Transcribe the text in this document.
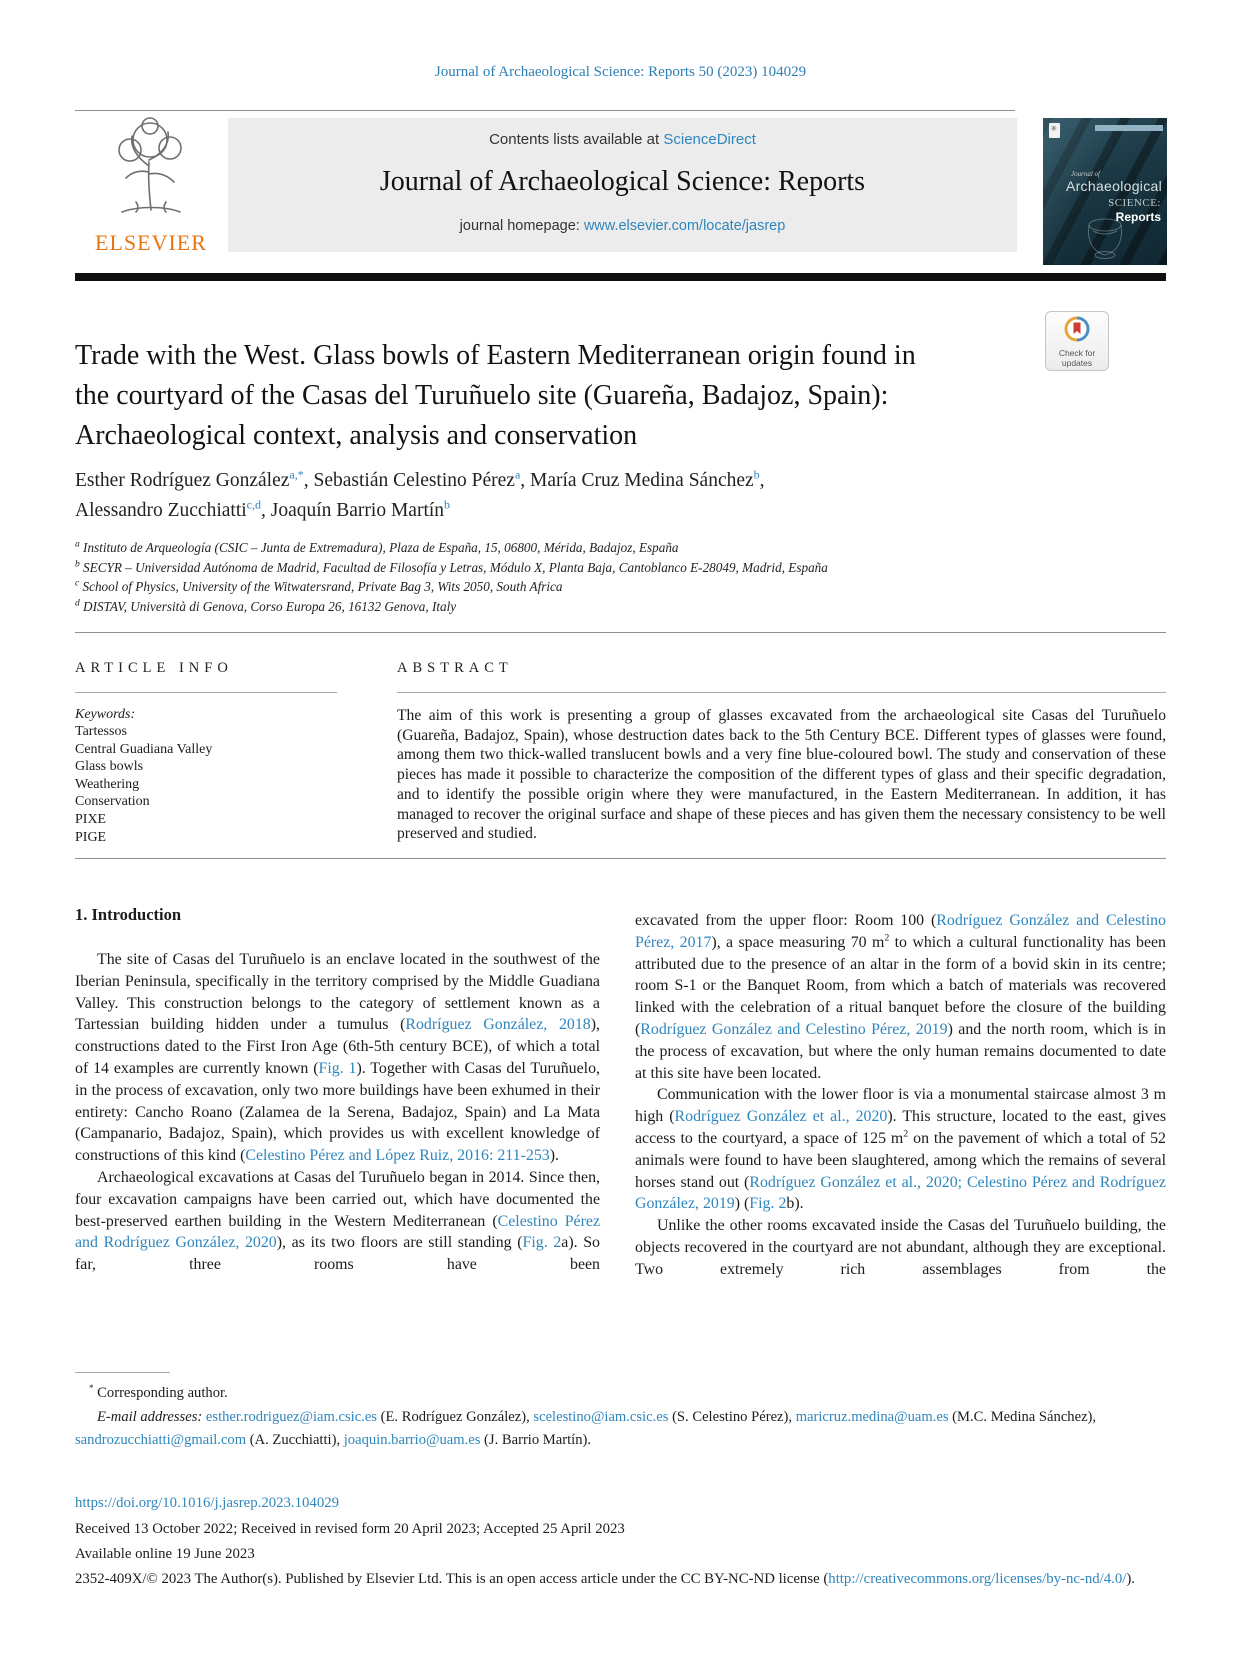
Journal of Archaeological Science: Reports 50 (2023) 104029
ELSEVIER
Contents lists available at ScienceDirect
Journal of Archaeological Science: Reports
journal homepage: www.elsevier.com/locate/jasrep
✳
Journal of
Archaeological
SCIENCE:
Reports
Check for
updates
Trade with the West. Glass bowls of Eastern Mediterranean origin found in
the courtyard of the Casas del Turuñuelo site (Guareña, Badajoz, Spain):
Archaeological context, analysis and conservation
Esther Rodríguez González$^{a,*}$, Sebastián Celestino Pérez$^a$, María Cruz Medina Sánchez$^b$,
Alessandro Zucchiatti$^{c,d}$, Joaquín Barrio Martín$^b$
$^a$ Instituto de Arqueología (CSIC – Junta de Extremadura), Plaza de España, 15, 06800, Mérida, Badajoz, España
$^b$ SECYR – Universidad Autónoma de Madrid, Facultad de Filosofía y Letras, Módulo X, Planta Baja, Cantoblanco E-28049, Madrid, España
$^c$ School of Physics, University of the Witwatersrand, Private Bag 3, Wits 2050, South Africa
$^d$ DISTAV, Università di Genova, Corso Europa 26, 16132 Genova, Italy
ARTICLE INFO
Keywords:
Tartessos
Central Guadiana Valley
Glass bowls
Weathering
Conservation
PIXE
PIGE
ABSTRACT
The aim of this work is presenting a group of glasses excavated from the archaeological site Casas del Turuñuelo (Guareña, Badajoz, Spain), whose destruction dates back to the 5th Century BCE. Different types of glasses were found, among them two thick-walled translucent bowls and a very fine blue-coloured bowl. The study and conservation of these pieces has made it possible to characterize the composition of the different types of glass and their specific degradation, and to identify the possible origin where they were manufactured, in the Eastern Mediterranean. In addition, it has managed to recover the original surface and shape of these pieces and has given them the necessary consistency to be well preserved and studied.
1. Introduction

The site of Casas del Turuñuelo is an enclave located in the southwest of the Iberian Peninsula, specifically in the territory comprised by the Middle Guadiana Valley. This construction belongs to the category of settlement known as a Tartessian building hidden under a tumulus (Rodríguez González, 2018), constructions dated to the First Iron Age (6th-5th century BCE), of which a total of 14 examples are currently known (Fig. 1). Together with Casas del Turuñuelo, in the process of excavation, only two more buildings have been exhumed in their entirety: Cancho Roano (Zalamea de la Serena, Badajoz, Spain) and La Mata (Campanario, Badajoz, Spain), which provides us with excellent knowledge of constructions of this kind (Celestino Pérez and López Ruiz, 2016: 211-253).

Archaeological excavations at Casas del Turuñuelo began in 2014. Since then, four excavation campaigns have been carried out, which have documented the best-preserved earthen building in the Western Mediterranean (Celestino Pérez and Rodríguez González, 2020), as its two floors are still standing (Fig. 2a). So far, three rooms have been

excavated from the upper floor: Room 100 (Rodríguez González and Celestino Pérez, 2017), a space measuring 70 $m^2$ to which a cultural functionality has been attributed due to the presence of an altar in the form of a bovid skin in its centre; room S-1 or the Banquet Room, from which a batch of materials was recovered linked with the celebration of a ritual banquet before the closure of the building (Rodríguez González and Celestino Pérez, 2019) and the north room, which is in the process of excavation, but where the only human remains documented to date at this site have been located.

Communication with the lower floor is via a monumental staircase almost 3 m high (Rodríguez González et al., 2020). This structure, located to the east, gives access to the courtyard, a space of 125 $m^2$ on the pavement of which a total of 52 animals were found to have been slaughtered, among which the remains of several horses stand out (Rodríguez González et al., 2020; Celestino Pérez and Rodríguez González, 2019) (Fig. 2b).

Unlike the other rooms excavated inside the Casas del Turuñuelo building, the objects recovered in the courtyard are not abundant, although they are exceptional. Two extremely rich assemblages from the

* Corresponding author.
E-mail addresses: esther.rodriguez@iam.csic.es (E. Rodríguez González), scelestino@iam.csic.es (S. Celestino Pérez), maricruz.medina@uam.es (M.C. Medina Sánchez), sandrozucchiatti@gmail.com (A. Zucchiatti), joaquin.barrio@uam.es (J. Barrio Martín).
https://doi.org/10.1016/j.jasrep.2023.104029
Received 13 October 2022; Received in revised form 20 April 2023; Accepted 25 April 2023
Available online 19 June 2023
2352-409X/© 2023 The Author(s). Published by Elsevier Ltd. This is an open access article under the CC BY-NC-ND license (http://creativecommons.org/licenses/by-nc-nd/4.0/).
